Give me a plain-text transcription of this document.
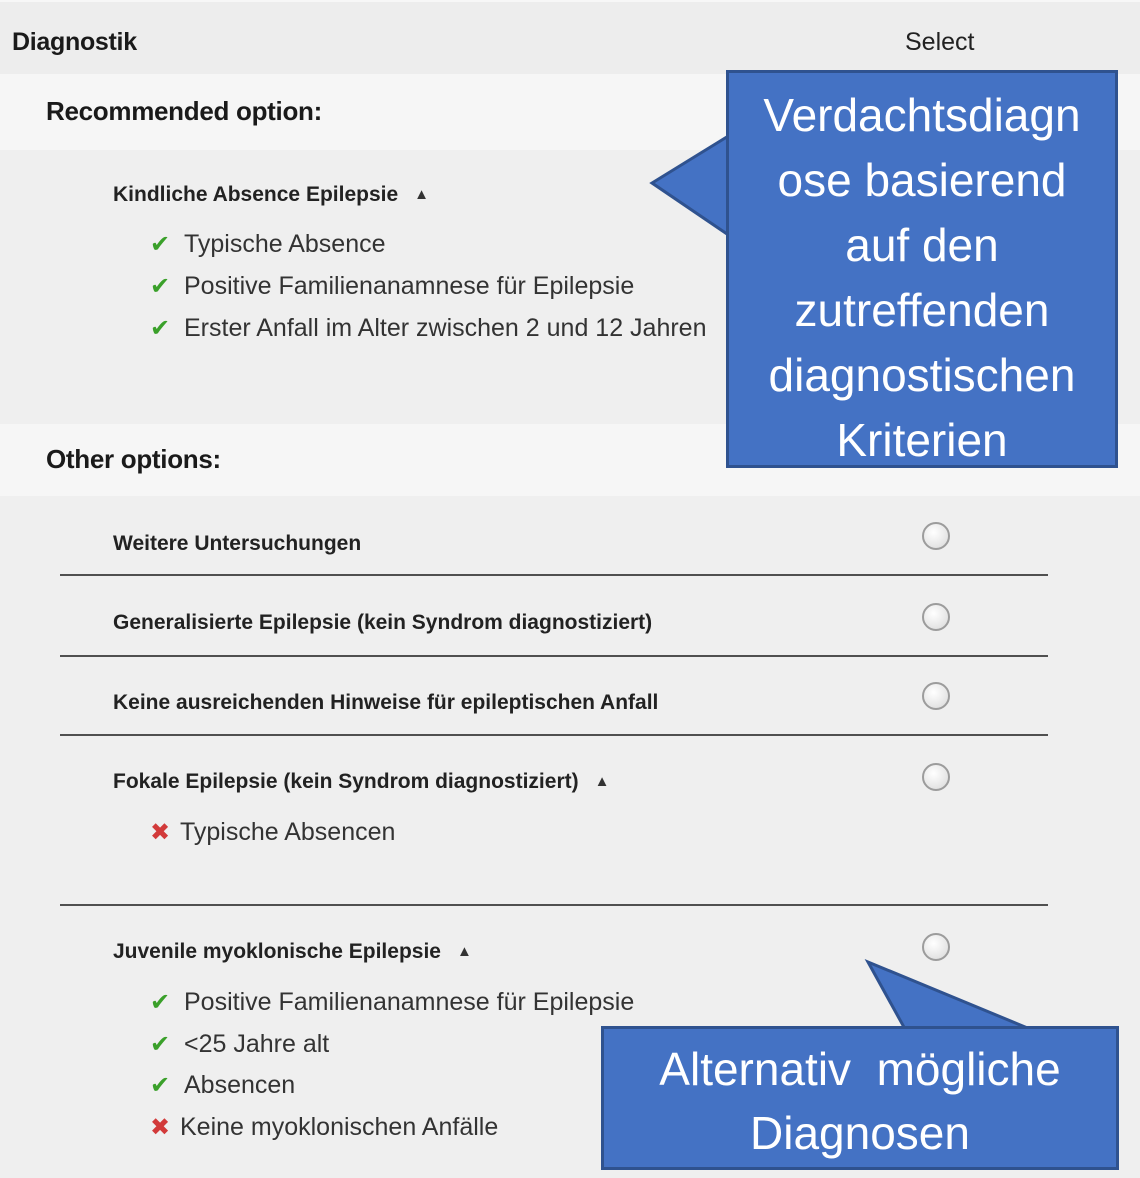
Diagnostik	Select
Recommended option:
Kindliche Absence Epilepsie ▲
✔ Typische Absence
✔ Positive Familienanamnese für Epilepsie
✔ Erster Anfall im Alter zwischen 2 und 12 Jahren
Other options:
Weitere Untersuchungen
Generalisierte Epilepsie (kein Syndrom diagnostiziert)
Keine ausreichenden Hinweise für epileptischen Anfall
Fokale Epilepsie (kein Syndrom diagnostiziert) ▲
✖ Typische Absencen
Juvenile myoklonische Epilepsie ▲
✔ Positive Familienanamnese für Epilepsie
✔ <25 Jahre alt
✔ Absencen
✖ Keine myoklonischen Anfälle
Verdachtsdiagn
ose basierend
auf den
zutreffenden
diagnostischen
Kriterien
Alternativ  mögliche
Diagnosen
